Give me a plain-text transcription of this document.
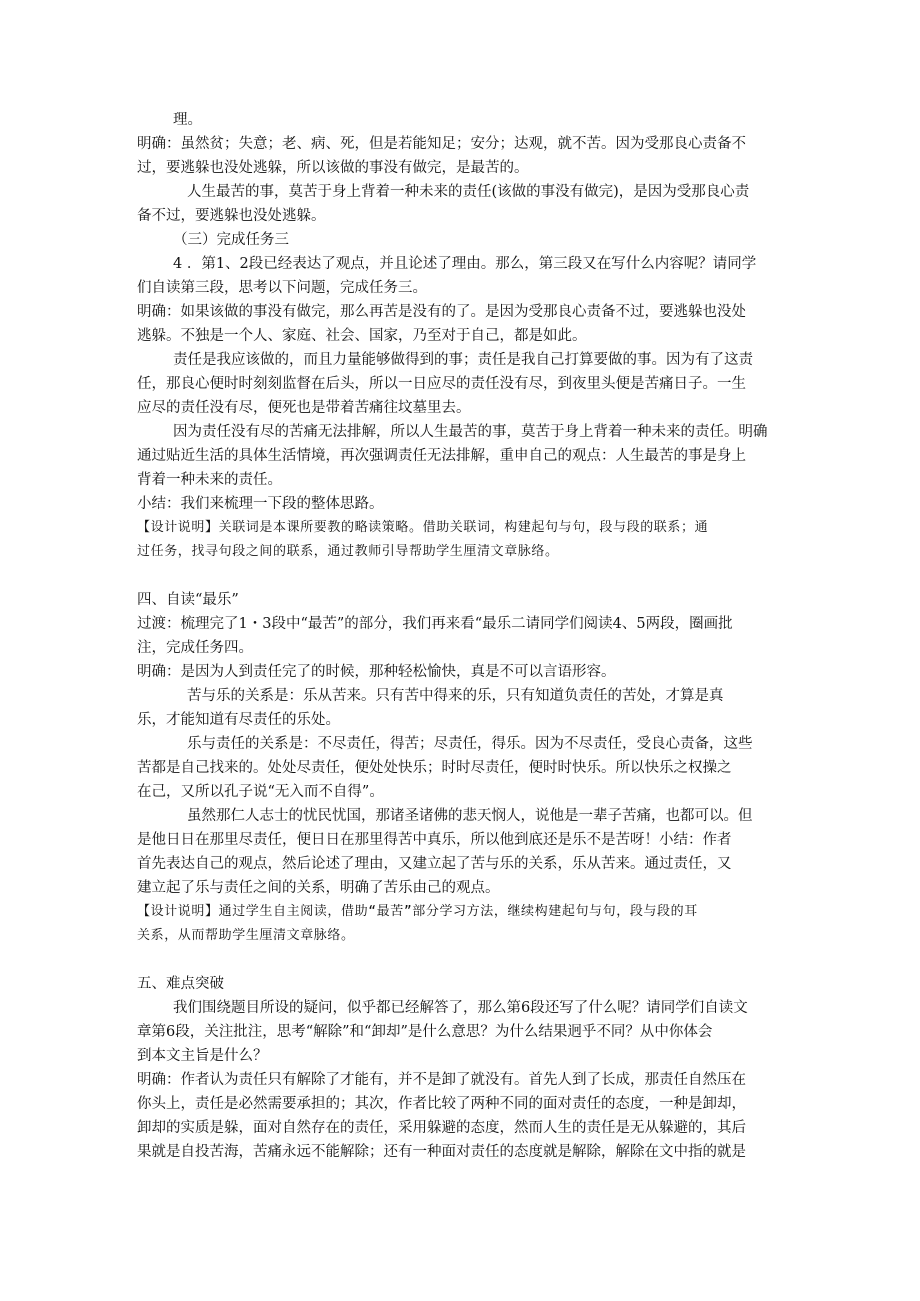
理。
明确：虽然贫；失意；老、病、死，但是若能知足；安分；达观，就不苦。因为受那良心责备不
过，要逃躲也没处逃躲，所以该做的事没有做完，是最苦的。
人生最苦的事，莫苦于身上背着一种未来的责任(该做的事没有做完)，是因为受那良心责
备不过，要逃躲也没处逃躲。
（三）完成任务三
4 ．第1、2段已经表达了观点，并且论述了理由。那么，第三段又在写什么内容呢？请同学
们自读第三段，思考以下问题，完成任务三。
明确：如果该做的事没有做完，那么再苦是没有的了。是因为受那良心责备不过，要逃躲也没处
逃躲。不独是一个人、家庭、社会、国家，乃至对于自己，都是如此。
责任是我应该做的，而且力量能够做得到的事；责任是我自己打算要做的事。因为有了这责
任，那良心便时时刻刻监督在后头，所以一日应尽的责任没有尽，到夜里头便是苦痛日子。一生
应尽的责任没有尽，便死也是带着苦痛往坟墓里去。
因为责任没有尽的苦痛无法排解，所以人生最苦的事，莫苦于身上背着一种未来的责任。明确
通过贴近生活的具体生活情境，再次强调责任无法排解，重申自己的观点：人生最苦的事是身上
背着一种未来的责任。
小结：我们来梳理一下段的整体思路。
【设计说明】关联词是本课所要教的略读策略。借助关联词，构建起句与句，段与段的联系；通
过任务，找寻句段之间的联系，通过教师引导帮助学生厘清文章脉络。
四、自读“最乐”
过渡：梳理完了1・3段中“最苦”的部分，我们再来看“最乐二请同学们阅读4、5两段，圈画批
注，完成任务四。
明确：是因为人到责任完了的时候，那种轻松愉快，真是不可以言语形容。
苦与乐的关系是：乐从苦来。只有苦中得来的乐，只有知道负责任的苦处，才算是真
乐，才能知道有尽责任的乐处。
乐与责任的关系是：不尽责任，得苦；尽责任，得乐。因为不尽责任，受良心责备，这些
苦都是自己找来的。处处尽责任，便处处快乐；时时尽责任，便时时快乐。所以快乐之权操之
在己，又所以孔子说“无入而不自得”。
虽然那仁人志士的忧民忧国，那诸圣诸佛的悲天悯人，说他是一辈子苦痛，也都可以。但
是他日日在那里尽责任，便日日在那里得苦中真乐，所以他到底还是乐不是苦呀！小结：作者
首先表达自己的观点，然后论述了理由，又建立起了苦与乐的关系，乐从苦来。通过责任，又
建立起了乐与责任之间的关系，明确了苦乐由己的观点。
【设计说明】通过学生自主阅读，借助“最苦”部分学习方法，继续构建起句与句，段与段的耳
关系，从而帮助学生厘清文章脉络。
五、难点突破
我们围绕题目所设的疑问，似乎都已经解答了，那么第6段还写了什么呢？请同学们自读文
章第6段，关注批注，思考“解除”和“卸却”是什么意思？为什么结果迥乎不同？从中你体会
到本文主旨是什么？
明确：作者认为责任只有解除了才能有，并不是卸了就没有。首先人到了长成，那责任自然压在
你头上，责任是必然需要承担的；其次，作者比较了两种不同的面对责任的态度，一种是卸却，
卸却的实质是躲，面对自然存在的责任，采用躲避的态度，然而人生的责任是无从躲避的，其后
果就是自投苦海，苦痛永远不能解除；还有一种面对责任的态度就是解除，解除在文中指的就是
